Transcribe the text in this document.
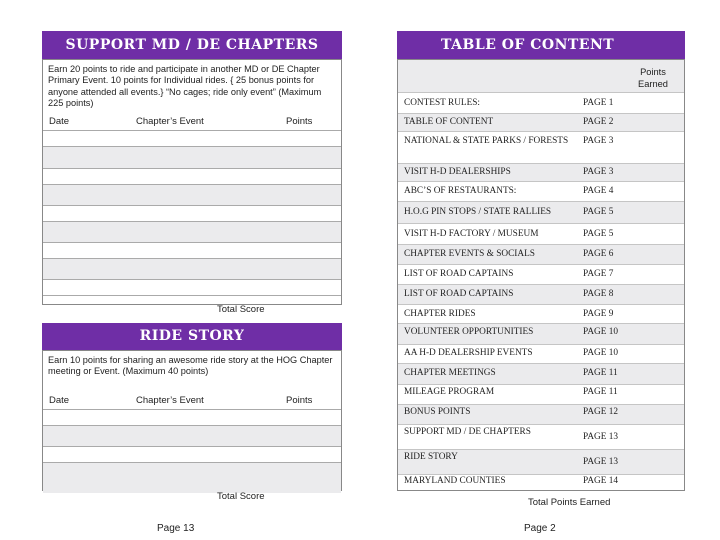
SUPPORT MD / DE CHAPTERS
Earn 20 points to ride and participate in another MD or DE Chapter Primary Event. 10 points for Individual rides. { 25 bonus points for anyone attended all events.} “No cages; ride only event” (Maximum 225 points)
Date	Chapter’s Event	Points
Total Score
RIDE STORY
Earn 10 points for sharing an awesome ride story at the HOG Chapter meeting or Event. (Maximum 40 points)
Date	Chapter’s Event	Points
Total Score
Page 13
TABLE OF CONTENT
Points Earned
CONTEST RULES:	PAGE 1
TABLE OF CONTENT	PAGE 2
NATIONAL & STATE PARKS / FORESTS	PAGE 3
VISIT H-D DEALERSHIPS	PAGE 3
ABC’S OF RESTAURANTS:	PAGE 4
H.O.G PIN STOPS / STATE RALLIES	PAGE 5
VISIT H-D FACTORY / MUSEUM	PAGE 5
CHAPTER EVENTS & SOCIALS	PAGE 6
LIST OF ROAD CAPTAINS	PAGE 7
LIST OF ROAD CAPTAINS	PAGE 8
CHAPTER RIDES	PAGE 9
VOLUNTEER OPPORTUNITIES	PAGE 10
AA H-D DEALERSHIP EVENTS	PAGE 10
CHAPTER MEETINGS	PAGE 11
MILEAGE PROGRAM	PAGE 11
BONUS POINTS	PAGE 12
SUPPORT MD / DE CHAPTERS	PAGE 13
RIDE STORY	PAGE 13
MARYLAND COUNTIES	PAGE 14
Total Points Earned
Page 2
